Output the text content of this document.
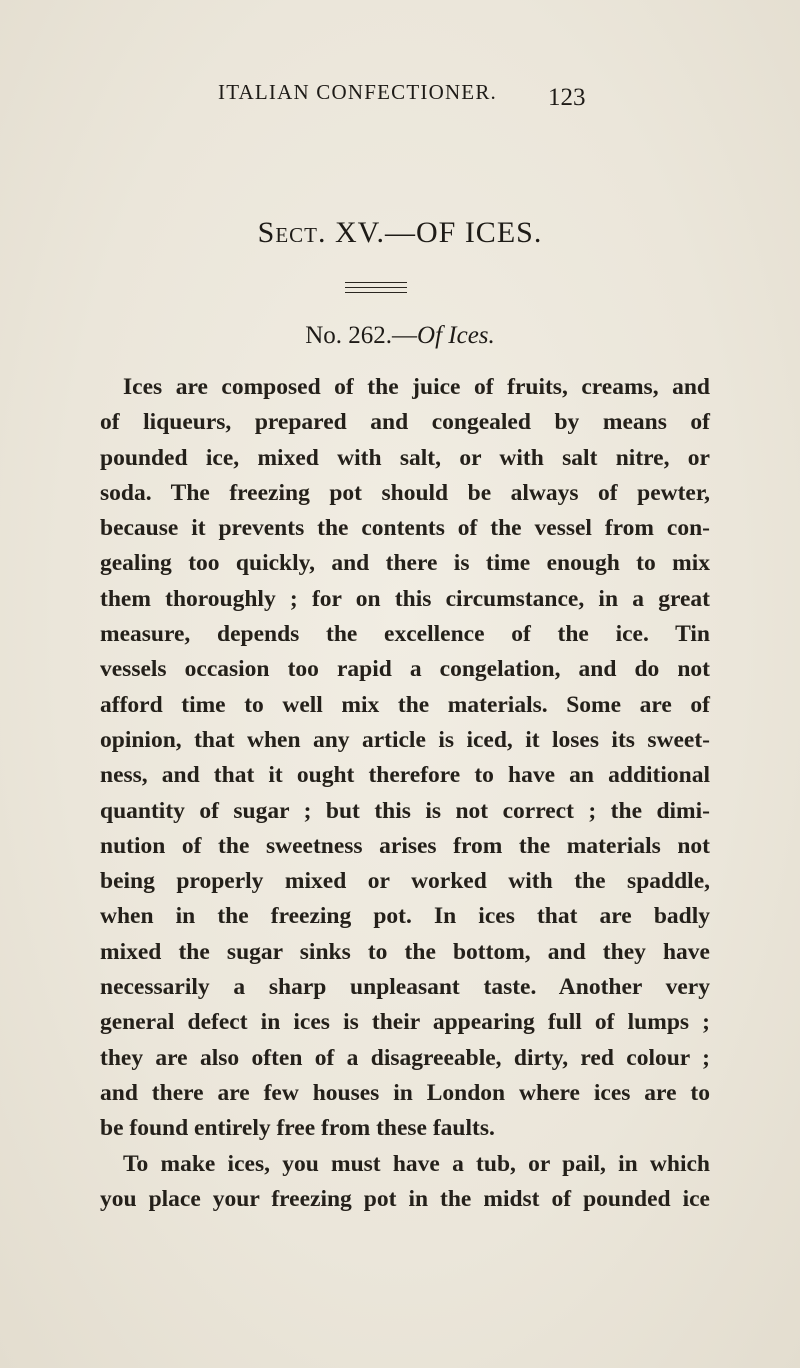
ITALIAN CONFECTIONER. 123
Sect. XV.—OF ICES.
No. 262.—Of Ices.
Ices are composed of the juice of fruits, creams, and
of liqueurs, prepared and congealed by means of
pounded ice, mixed with salt, or with salt nitre, or
soda. The freezing pot should be always of pewter,
because it prevents the contents of the vessel from con-
gealing too quickly, and there is time enough to mix
them thoroughly ; for on this circumstance, in a great
measure, depends the excellence of the ice. Tin
vessels occasion too rapid a congelation, and do not
afford time to well mix the materials. Some are of
opinion, that when any article is iced, it loses its sweet-
ness, and that it ought therefore to have an additional
quantity of sugar ; but this is not correct ; the dimi-
nution of the sweetness arises from the materials not
being properly mixed or worked with the spaddle,
when in the freezing pot. In ices that are badly
mixed the sugar sinks to the bottom, and they have
necessarily a sharp unpleasant taste. Another very
general defect in ices is their appearing full of lumps ;
they are also often of a disagreeable, dirty, red colour ;
and there are few houses in London where ices are to
be found entirely free from these faults.
To make ices, you must have a tub, or pail, in which
you place your freezing pot in the midst of pounded ice
